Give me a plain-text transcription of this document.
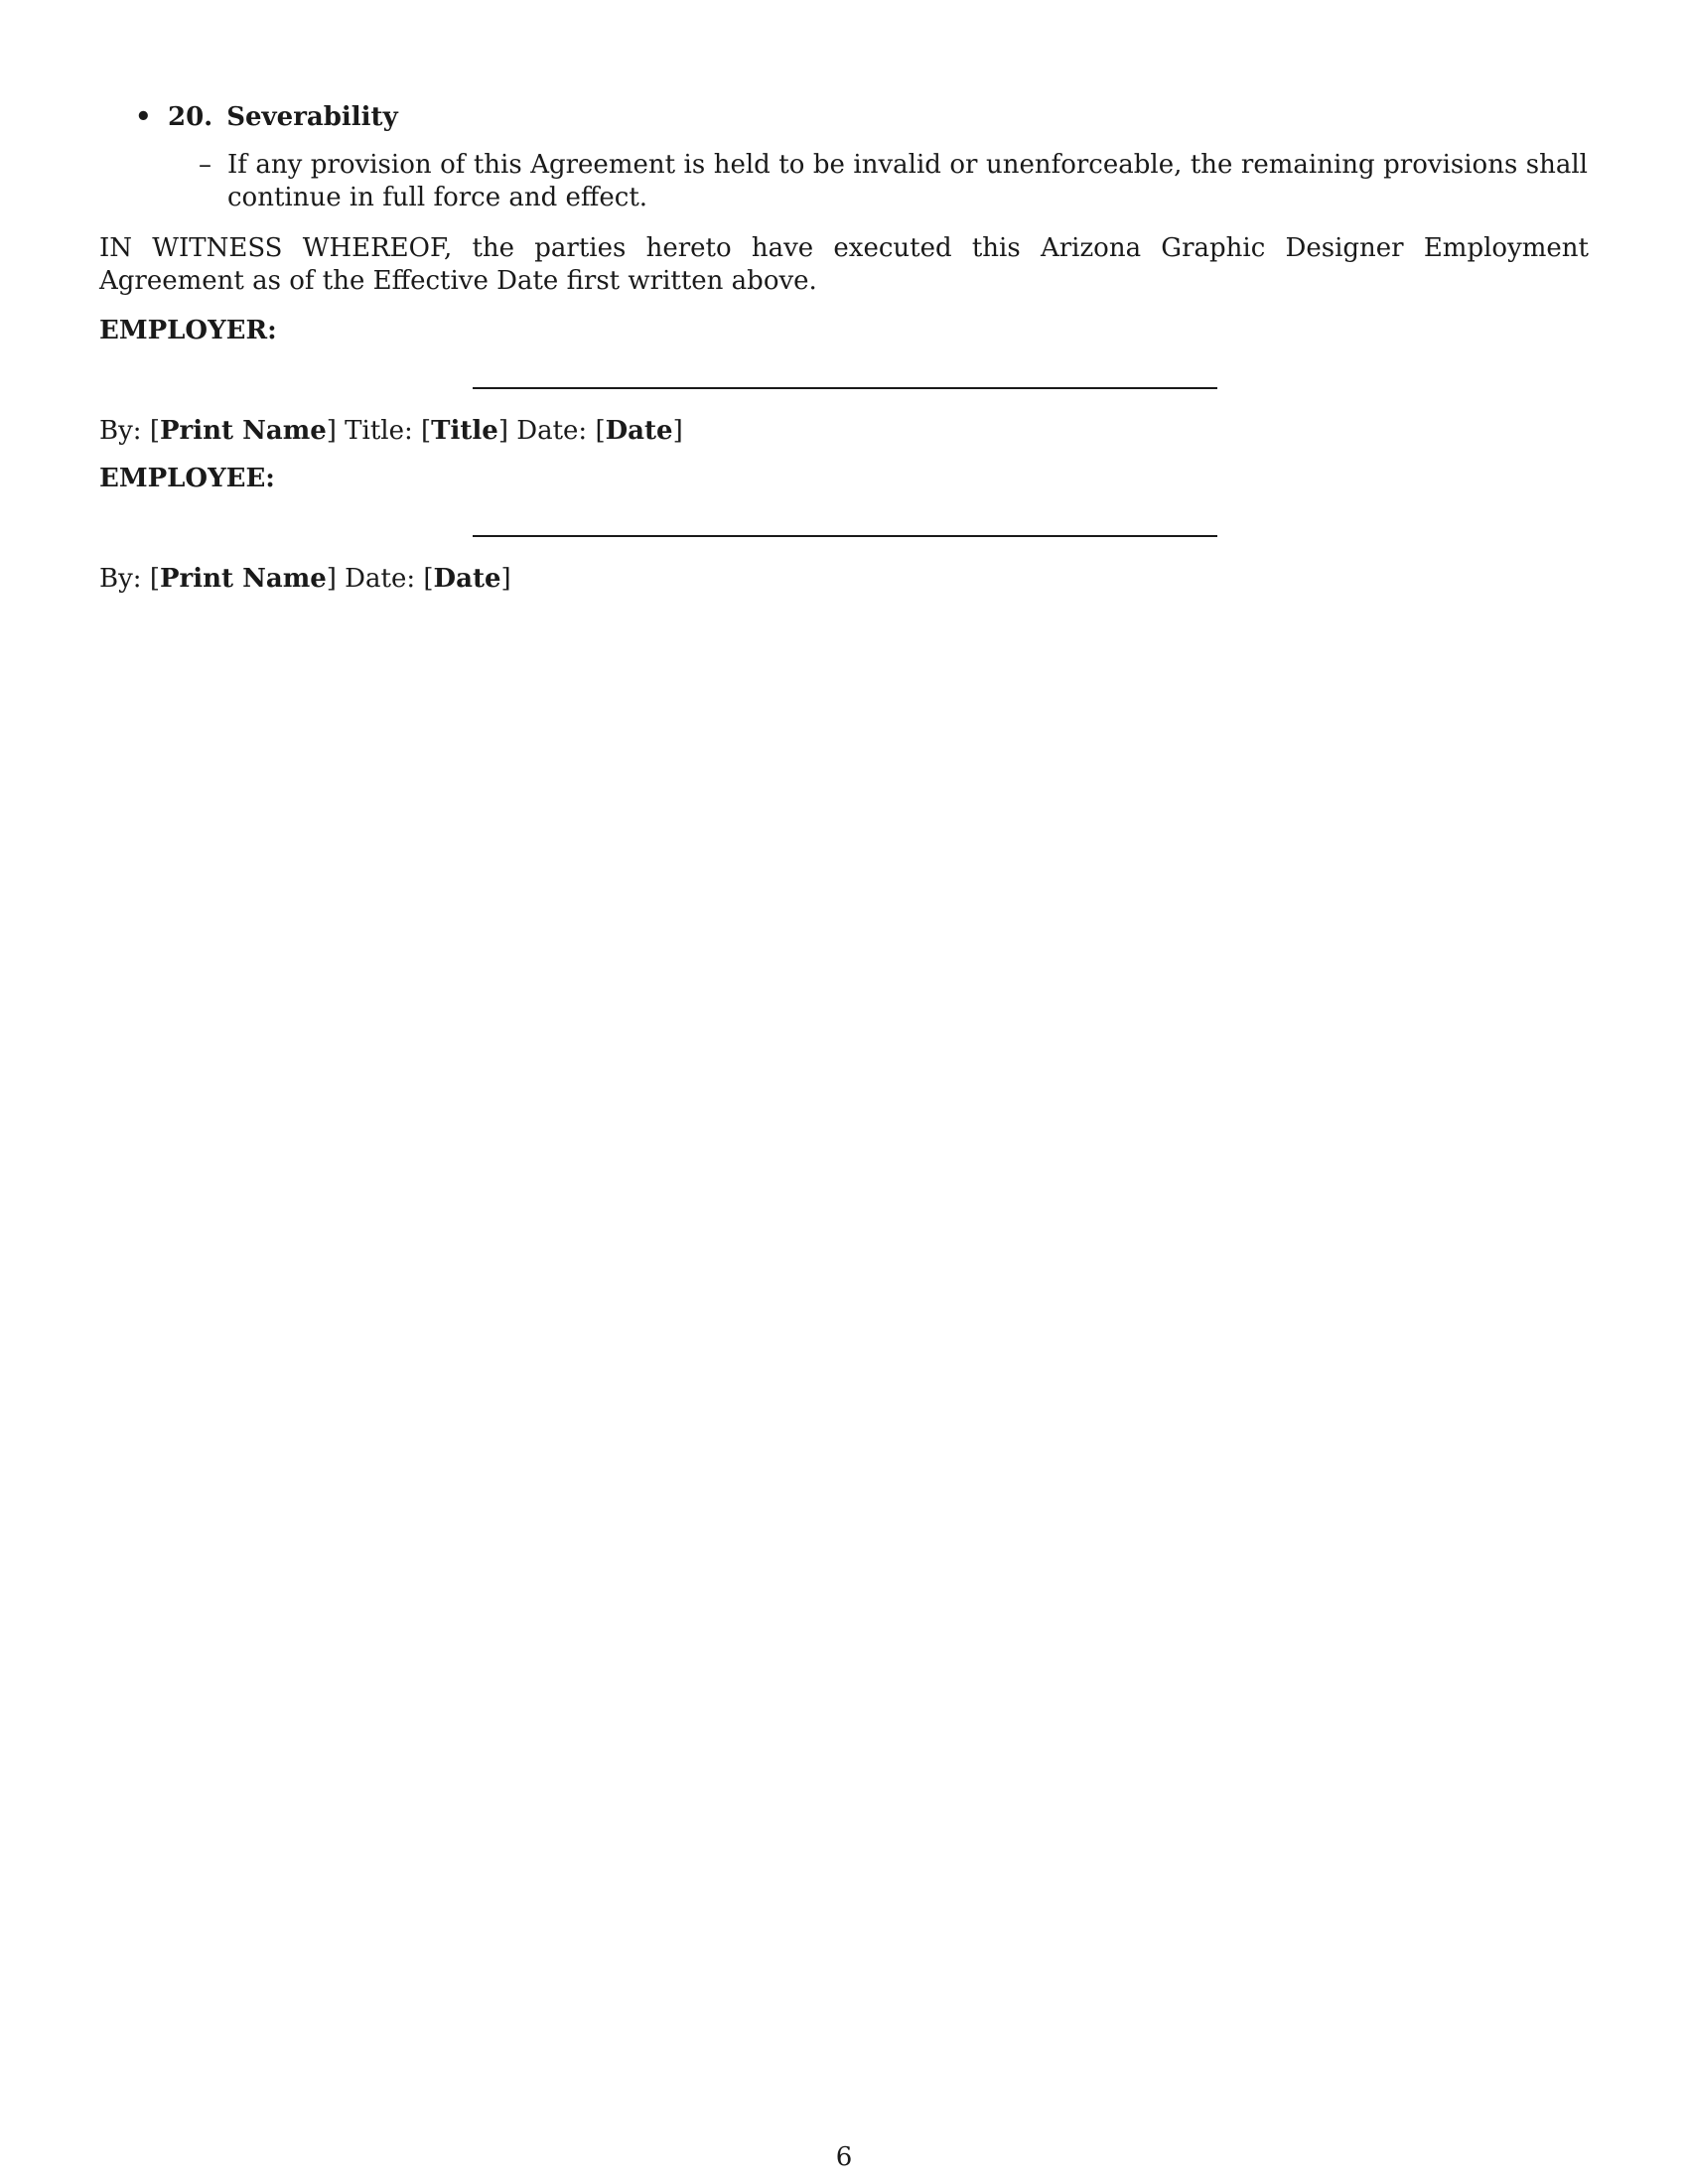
• 20. Severability
– If any provision of this Agreement is held to be invalid or unenforceable, the remaining provisions shall continue in full force and effect.
IN WITNESS WHEREOF, the parties hereto have executed this Arizona Graphic Designer Employment Agreement as of the Effective Date first written above.
EMPLOYER:
By: [Print Name] Title: [Title] Date: [Date]
EMPLOYEE:
By: [Print Name] Date: [Date]
6
